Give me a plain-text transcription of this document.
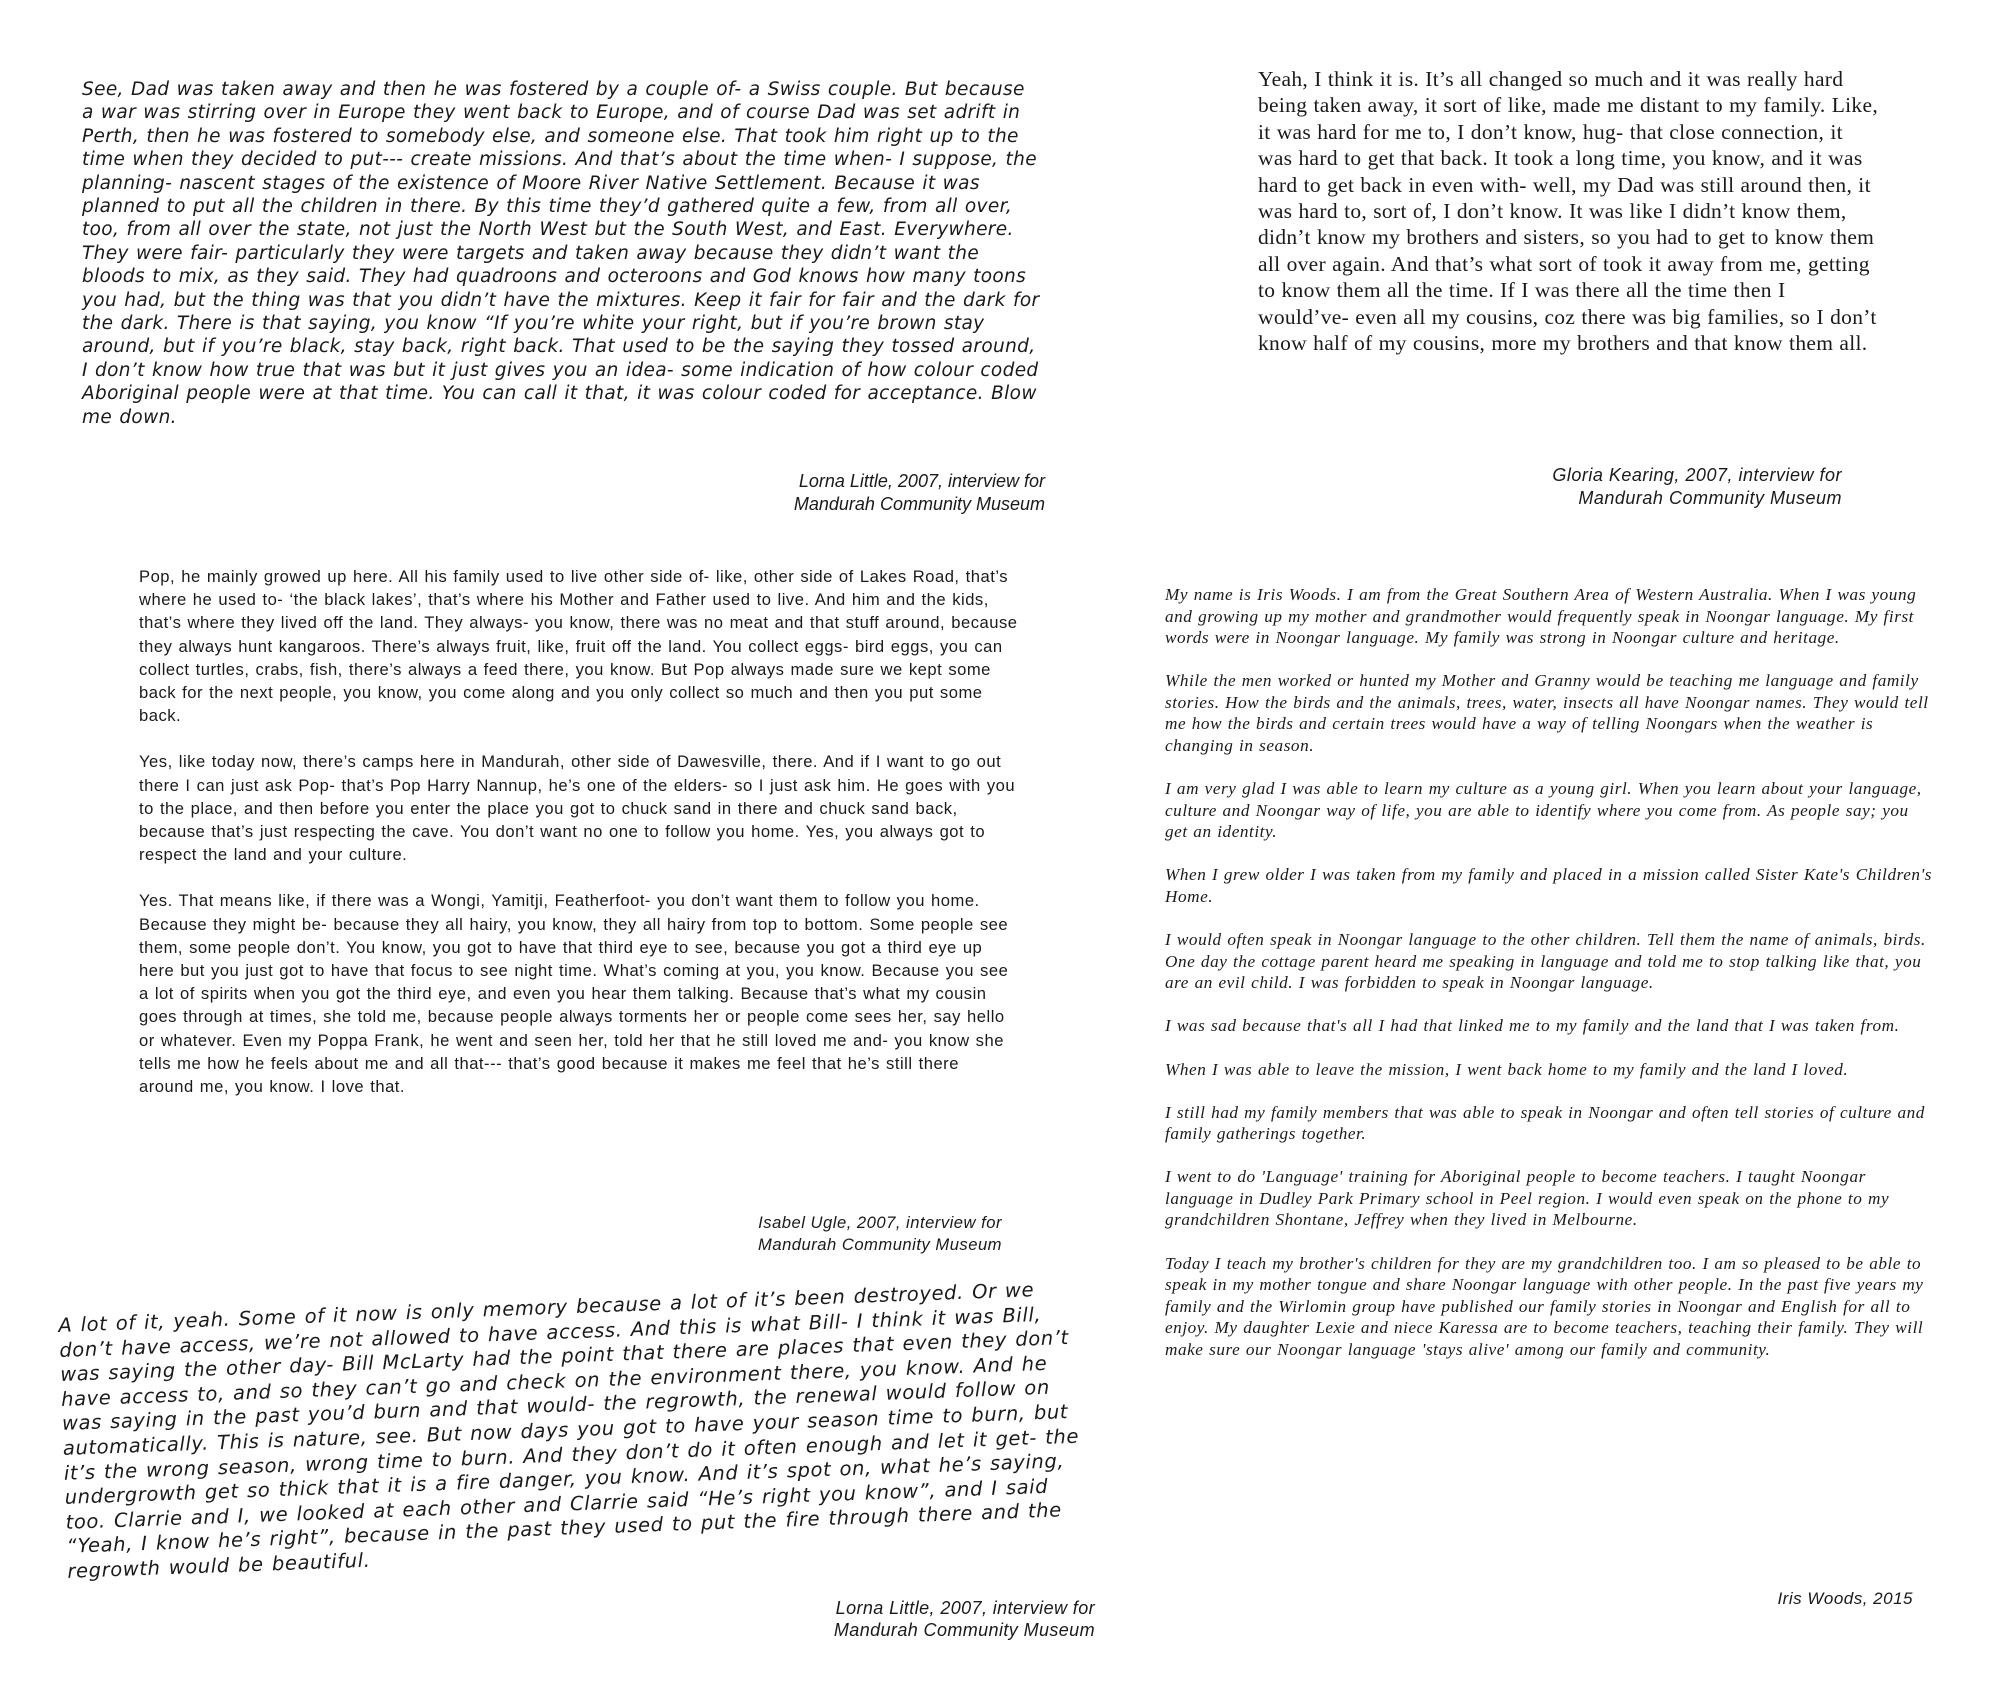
See, Dad was taken away and then he was fostered by a couple of- a Swiss couple. But because a war was stirring over in Europe they went back to Europe, and of course Dad was set adrift in Perth, then he was fostered to somebody else, and someone else. That took him right up to the time when they decided to put--- create missions. And that’s about the time when- I suppose, the planning- nascent stages of the existence of Moore River Native Settlement. Because it was planned to put all the children in there. By this time they’d gathered quite a few, from all over, too, from all over the state, not just the North West but the South West, and East. Everywhere. They were fair- particularly they were targets and taken away because they didn’t want the bloods to mix, as they said. They had quadroons and octeroons and God knows how many toons you had, but the thing was that you didn’t have the mixtures. Keep it fair for fair and the dark for the dark. There is that saying, you know “If you’re white your right, but if you’re brown stay around, but if you’re black, stay back, right back. That used to be the saying they tossed around, I don’t know how true that was but it just gives you an idea- some indication of how colour coded Aboriginal people were at that time. You can call it that, it was colour coded for acceptance. Blow me down.

Lorna Little, 2007, interview for
Mandurah Community Museum

Yeah, I think it is. It’s all changed so much and it was really hard being taken away, it sort of like, made me distant to my family. Like, it was hard for me to, I don’t know, hug- that close connection, it was hard to get that back. It took a long time, you know, and it was hard to get back in even with- well, my Dad was still around then, it was hard to, sort of, I don’t know. It was like I didn’t know them, didn’t know my brothers and sisters, so you had to get to know them all over again. And that’s what sort of took it away from me, getting to know them all the time. If I was there all the time then I would’ve- even all my cousins, coz there was big families, so I don’t know half of my cousins, more my brothers and that know them all.

Gloria Kearing, 2007, interview for
Mandurah Community Museum

Pop, he mainly growed up here. All his family used to live other side of- like, other side of Lakes Road, that’s where he used to- ‘the black lakes’, that’s where his Mother and Father used to live. And him and the kids, that’s where they lived off the land. They always- you know, there was no meat and that stuff around, because they always hunt kangaroos. There’s always fruit, like, fruit off the land. You collect eggs- bird eggs, you can collect turtles, crabs, fish, there’s always a feed there, you know. But Pop always made sure we kept some back for the next people, you know, you come along and you only collect so much and then you put some back.

Yes, like today now, there’s camps here in Mandurah, other side of Dawesville, there. And if I want to go out there I can just ask Pop- that’s Pop Harry Nannup, he’s one of the elders- so I just ask him. He goes with you to the place, and then before you enter the place you got to chuck sand in there and chuck sand back, because that’s just respecting the cave. You don’t want no one to follow you home. Yes, you always got to respect the land and your culture.

Yes. That means like, if there was a Wongi, Yamitji, Featherfoot- you don’t want them to follow you home. Because they might be- because they all hairy, you know, they all hairy from top to bottom. Some people see them, some people don’t. You know, you got to have that third eye to see, because you got a third eye up here but you just got to have that focus to see night time. What’s coming at you, you know. Because you see a lot of spirits when you got the third eye, and even you hear them talking. Because that’s what my cousin goes through at times, she told me, because people always torments her or people come sees her, say hello or whatever. Even my Poppa Frank, he went and seen her, told her that he still loved me and- you know she tells me how he feels about me and all that--- that’s good because it makes me feel that he’s still there around me, you know. I love that.

Isabel Ugle, 2007, interview for
Mandurah Community Museum

A lot of it, yeah. Some of it now is only memory because a lot of it’s been destroyed. Or we don’t have access, we’re not allowed to have access. And this is what Bill- I think it was Bill, was saying the other day- Bill McLarty had the point that there are places that even they don’t have access to, and so they can’t go and check on the environment there, you know. And he was saying in the past you’d burn and that would- the regrowth, the renewal would follow on automatically. This is nature, see. But now days you got to have your season time to burn, but it’s the wrong season, wrong time to burn. And they don’t do it often enough and let it get- the undergrowth get so thick that it is a fire danger, you know. And it’s spot on, what he’s saying, too. Clarrie and I, we looked at each other and Clarrie said “He’s right you know”, and I said “Yeah, I know he’s right”, because in the past they used to put the fire through there and the regrowth would be beautiful.

Lorna Little, 2007, interview for
Mandurah Community Museum

My name is Iris Woods. I am from the Great Southern Area of Western Australia. When I was young and growing up my mother and grandmother would frequently speak in Noongar language. My first words were in Noongar language. My family was strong in Noongar culture and heritage.

While the men worked or hunted my Mother and Granny would be teaching me language and family stories. How the birds and the animals, trees, water, insects all have Noongar names. They would tell me how the birds and certain trees would have a way of telling Noongars when the weather is changing in season.

I am very glad I was able to learn my culture as a young girl. When you learn about your language, culture and Noongar way of life, you are able to identify where you come from. As people say; you get an identity.

When I grew older I was taken from my family and placed in a mission called Sister Kate's Children's Home.

I would often speak in Noongar language to the other children. Tell them the name of animals, birds. One day the cottage parent heard me speaking in language and told me to stop talking like that, you are an evil child. I was forbidden to speak in Noongar language.

I was sad because that's all I had that linked me to my family and the land that I was taken from.

When I was able to leave the mission, I went back home to my family and the land I loved.

I still had my family members that was able to speak in Noongar and often tell stories of culture and family gatherings together.

I went to do 'Language' training for Aboriginal people to become teachers. I taught Noongar language in Dudley Park Primary school in Peel region. I would even speak on the phone to my grandchildren Shontane, Jeffrey when they lived in Melbourne.

Today I teach my brother's children for they are my grandchildren too. I am so pleased to be able to speak in my mother tongue and share Noongar language with other people. In the past five years my family and the Wirlomin group have published our family stories in Noongar and English for all to enjoy. My daughter Lexie and niece Karessa are to become teachers, teaching their family. They will make sure our Noongar language 'stays alive' among our family and community.

Iris Woods, 2015
